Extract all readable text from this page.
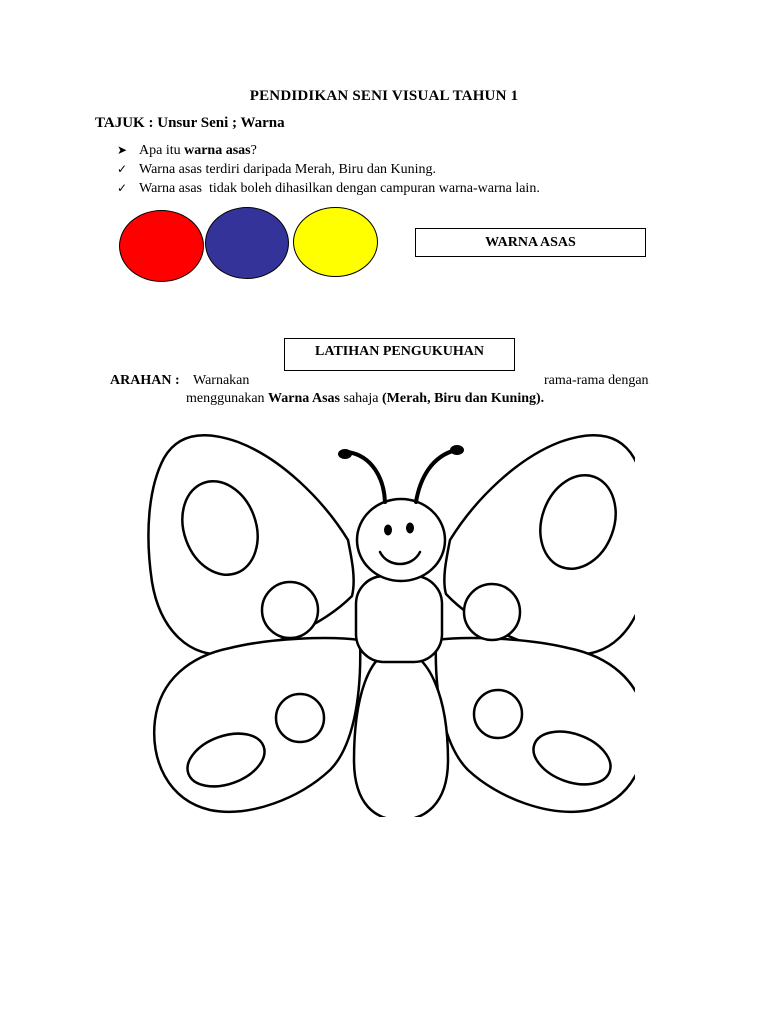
PENDIDIKAN SENI VISUAL TAHUN 1
TAJUK : Unsur Seni ; Warna
➤ Apa itu warna asas?
✓ Warna asas terdiri daripada Merah, Biru dan Kuning.
✓ Warna asas  tidak boleh dihasilkan dengan campuran warna-warna lain.
WARNA ASAS
LATIHAN PENGUKUHAN
ARAHAN : Warnakan	rama-rama dengan
menggunakan Warna Asas sahaja (Merah, Biru dan Kuning).
